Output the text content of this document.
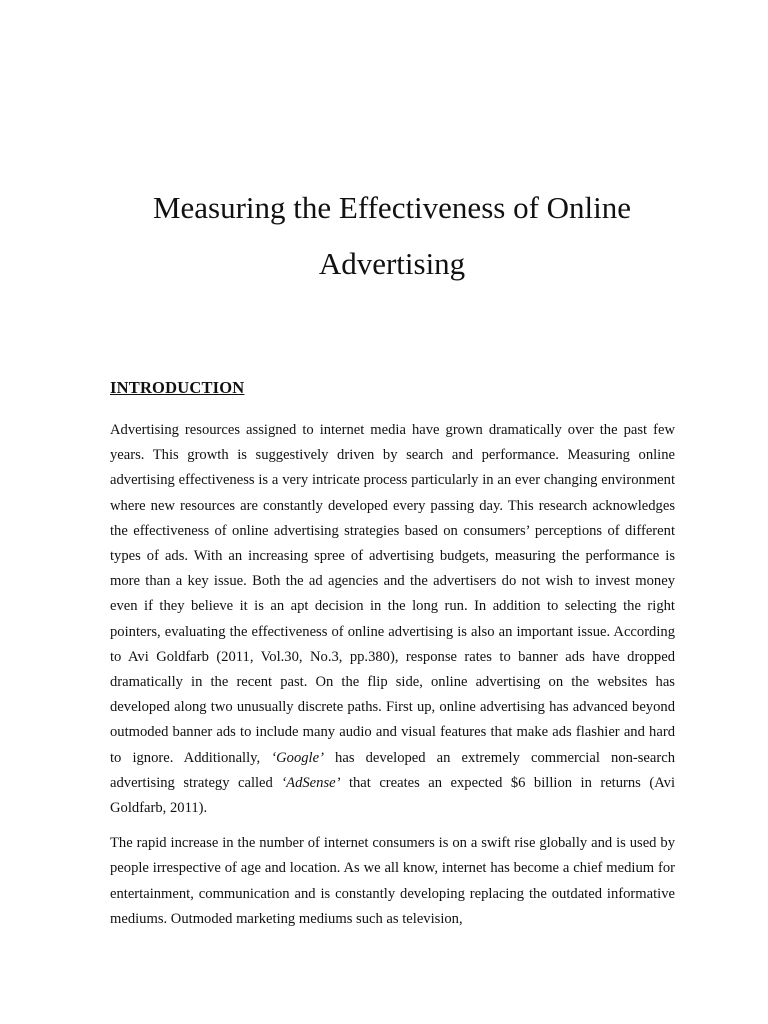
Measuring the Effectiveness of Online
Advertising
INTRODUCTION

Advertising resources assigned to internet media have grown dramatically over the past few years. This growth is suggestively driven by search and performance. Measuring online advertising effectiveness is a very intricate process particularly in an ever changing environment where new resources are constantly developed every passing day. This research acknowledges the effectiveness of online advertising strategies based on consumers’ perceptions of different types of ads. With an increasing spree of advertising budgets, measuring the performance is more than a key issue. Both the ad agencies and the advertisers do not wish to invest money even if they believe it is an apt decision in the long run. In addition to selecting the right pointers, evaluating the effectiveness of online advertising is also an important issue. According to Avi Goldfarb (2011, Vol.30, No.3, pp.380), response rates to banner ads have dropped dramatically in the recent past. On the flip side, online advertising on the websites has developed along two unusually discrete paths. First up, online advertising has advanced beyond outmoded banner ads to include many audio and visual features that make ads flashier and hard to ignore. Additionally, ‘Google’ has developed an extremely commercial non-search advertising strategy called ‘AdSense’ that creates an expected $6 billion in returns (Avi Goldfarb, 2011).

The rapid increase in the number of internet consumers is on a swift rise globally and is used by people irrespective of age and location. As we all know, internet has become a chief medium for entertainment, communication and is constantly developing replacing the outdated informative mediums. Outmoded marketing mediums such as television,
